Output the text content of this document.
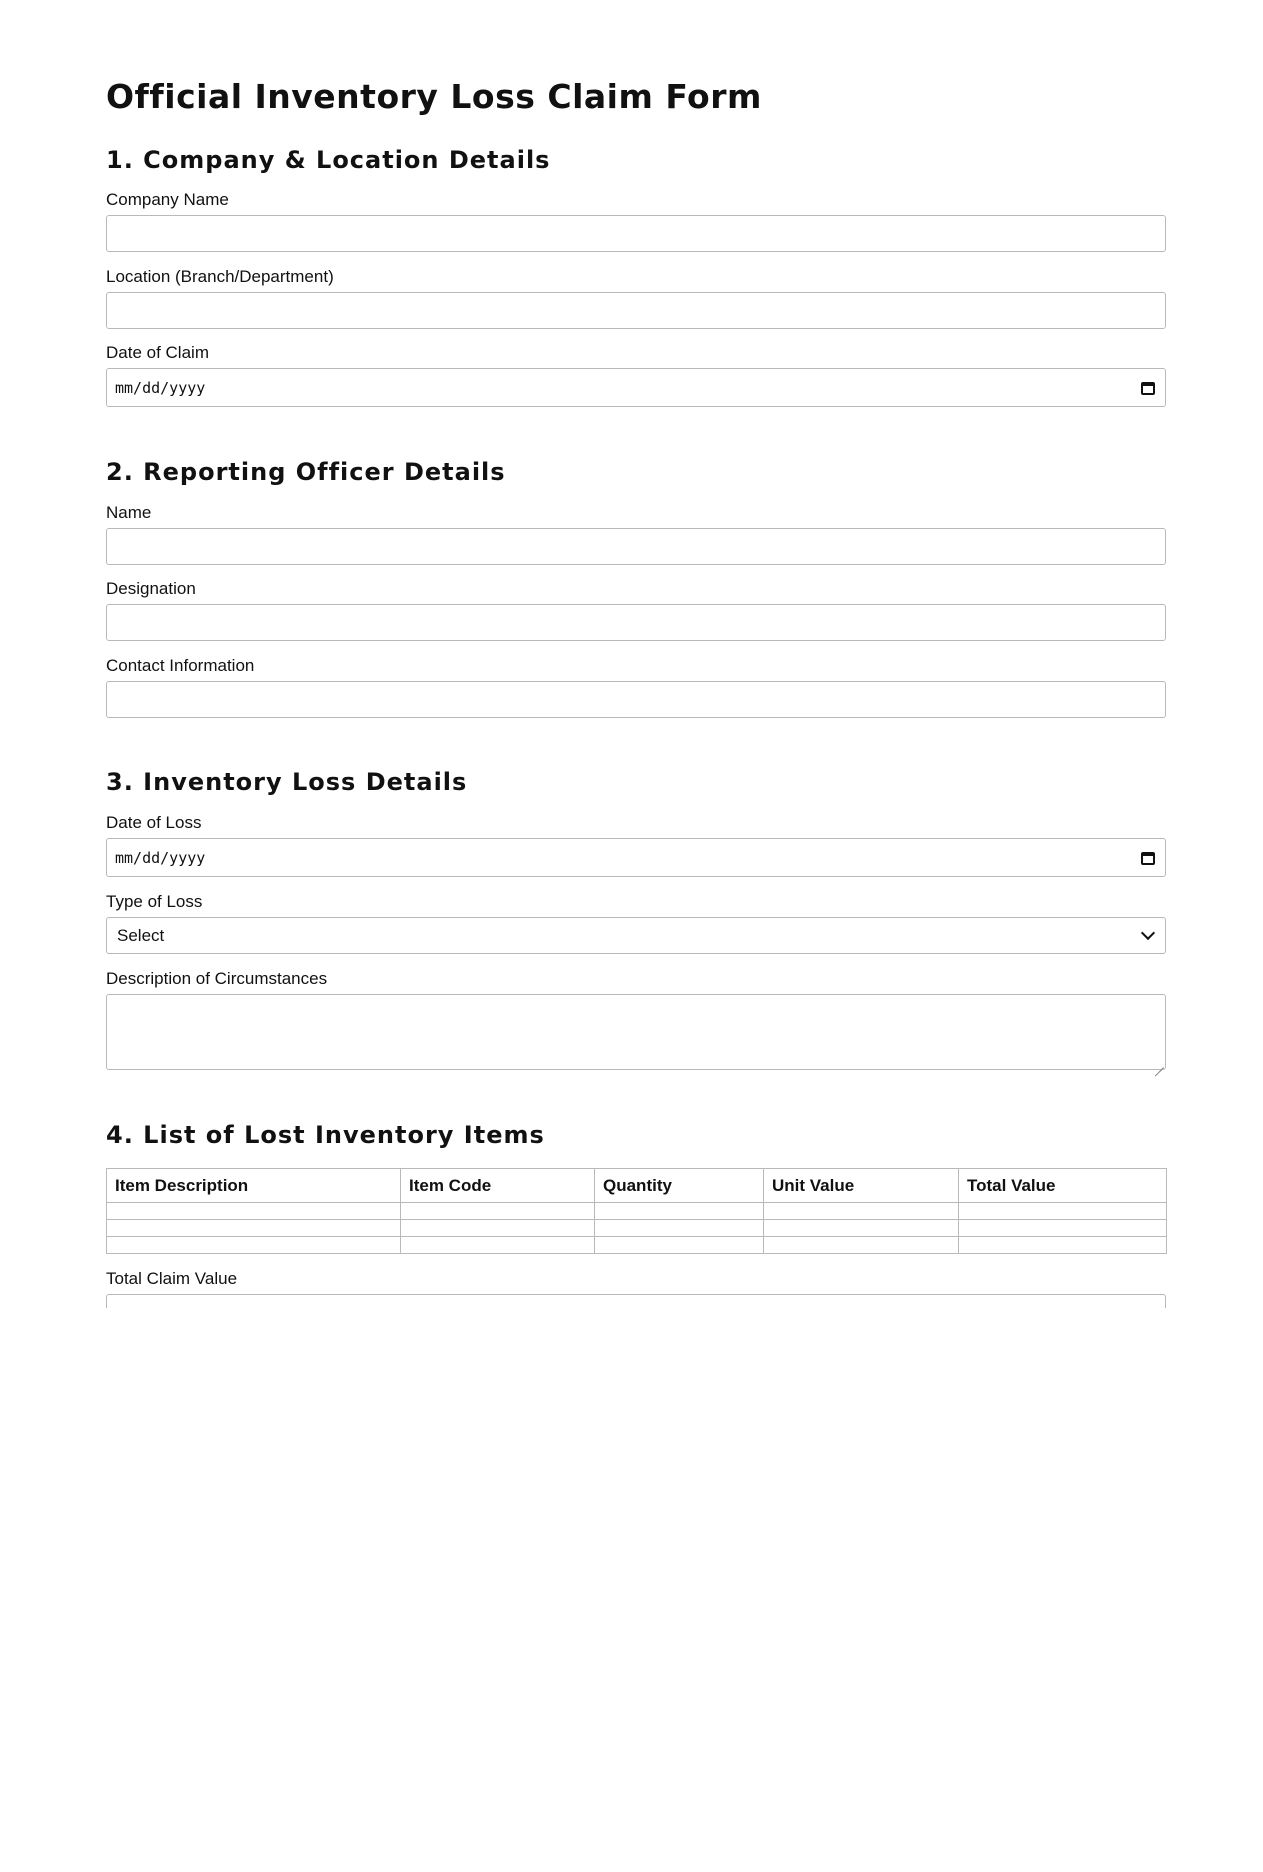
Official Inventory Loss Claim Form
1. Company & Location Details
Company Name
Location (Branch/Department)
Date of Claim
mm/dd/yyyy
2. Reporting Officer Details
Name
Designation
Contact Information
3. Inventory Loss Details
Date of Loss
mm/dd/yyyy
Type of Loss
Select
Description of Circumstances
4. List of Lost Inventory Items
Item Description	Item Code	Quantity	Unit Value	Total Value

Total Claim Value
